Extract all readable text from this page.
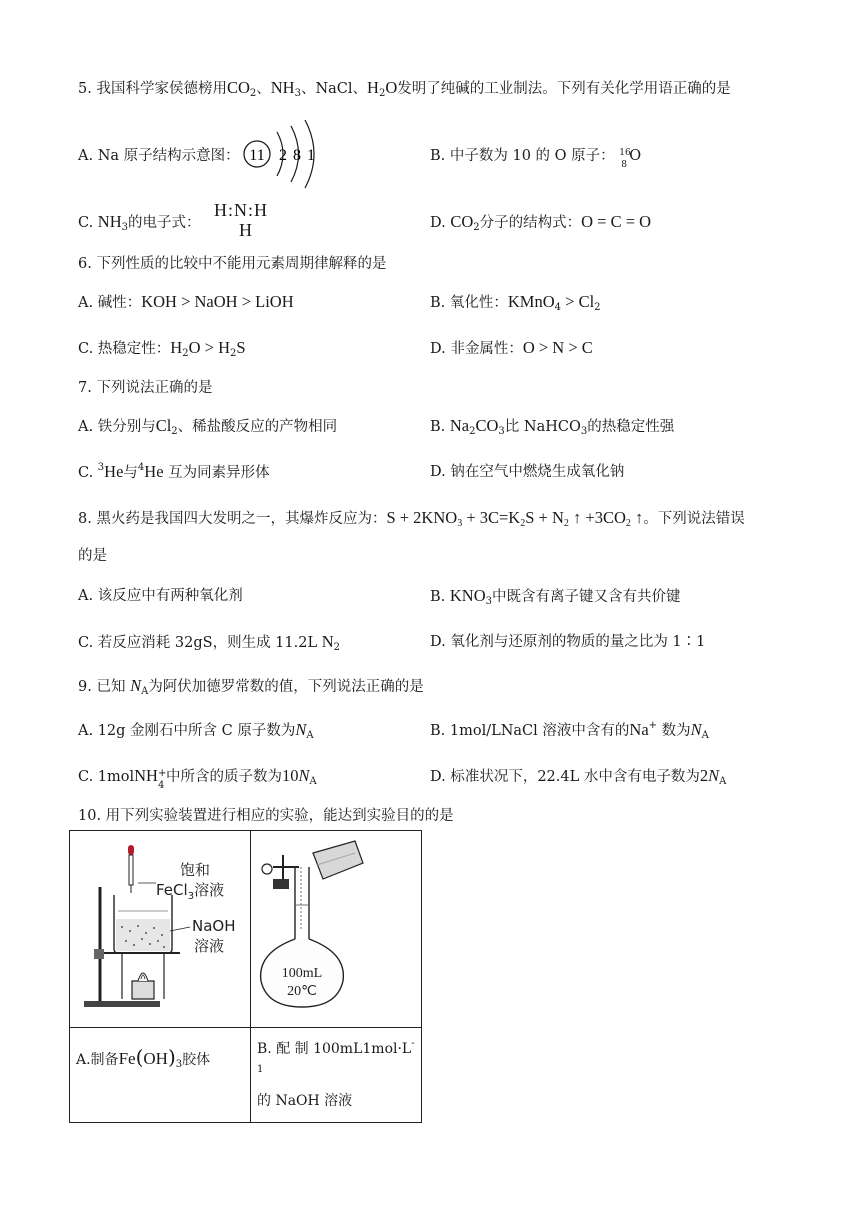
5. 我国科学家侯德榜用$CO_2$、$NH_3$、NaCl、$H_2O$发明了纯碱的工业制法。下列有关化学用语正确的是
A. Na 原子结构示意图： 11 2 8 1	B. 中子数为 10 的 O 原子： 16
8
O
C. $NH_3$的电子式：
H:N:H
H	D. $CO_2$分子的结构式：O = C = O
6. 下列性质的比较中不能用元素周期律解释的是
A. 碱性：KOH > NaOH > LiOH	B. 氧化性：KMnO$_4$ > $Cl_2$
C. 热稳定性：$H_2O > H_2S$	D. 非金属性：O > N > C
7. 下列说法正确的是
A. 铁分别与$Cl_2$、稀盐酸反应的产物相同	B. $Na_2CO_3$比 NaHCO$_3$的热稳定性强
C. $^3$He与$^4$He 互为同素异形体	D. 钠在空气中燃烧生成氧化钠
8. 黑火药是我国四大发明之一，其爆炸反应为：$S + 2KNO_3 + 3C=K_2S + N_2$ ↑ $+3CO_2$ ↑。下列说法错误
的是
A. 该反应中有两种氧化剂	B. $KNO_3$中既含有离子键又含有共价键
C. 若反应消耗 32gS，则生成 11.2L $N_2$	D. 氧化剂与还原剂的物质的量之比为 1∶1
9. 已知 $N_A$为阿伏加德罗常数的值，下列说法正确的是
A. 12g 金刚石中所含 C 原子数为$N_A$	B. 1mol/LNaCl 溶液中含有的Na+ 数为$N_A$
C. 1molNH +
4
中所含的质子数为$10N_A$	D. 标准状况下，22.4L 水中含有电子数为$2N_A$
10. 用下列实验装置进行相应的实验，能达到实验目的的是
饱和
FeCl$_3$溶液
NaOH
溶液	100mL
20℃

A.制备$Fe(OH)_3$胶体	B. 配 制 $100mL1mol\cdot L^{-1}$
的 NaOH 溶液
